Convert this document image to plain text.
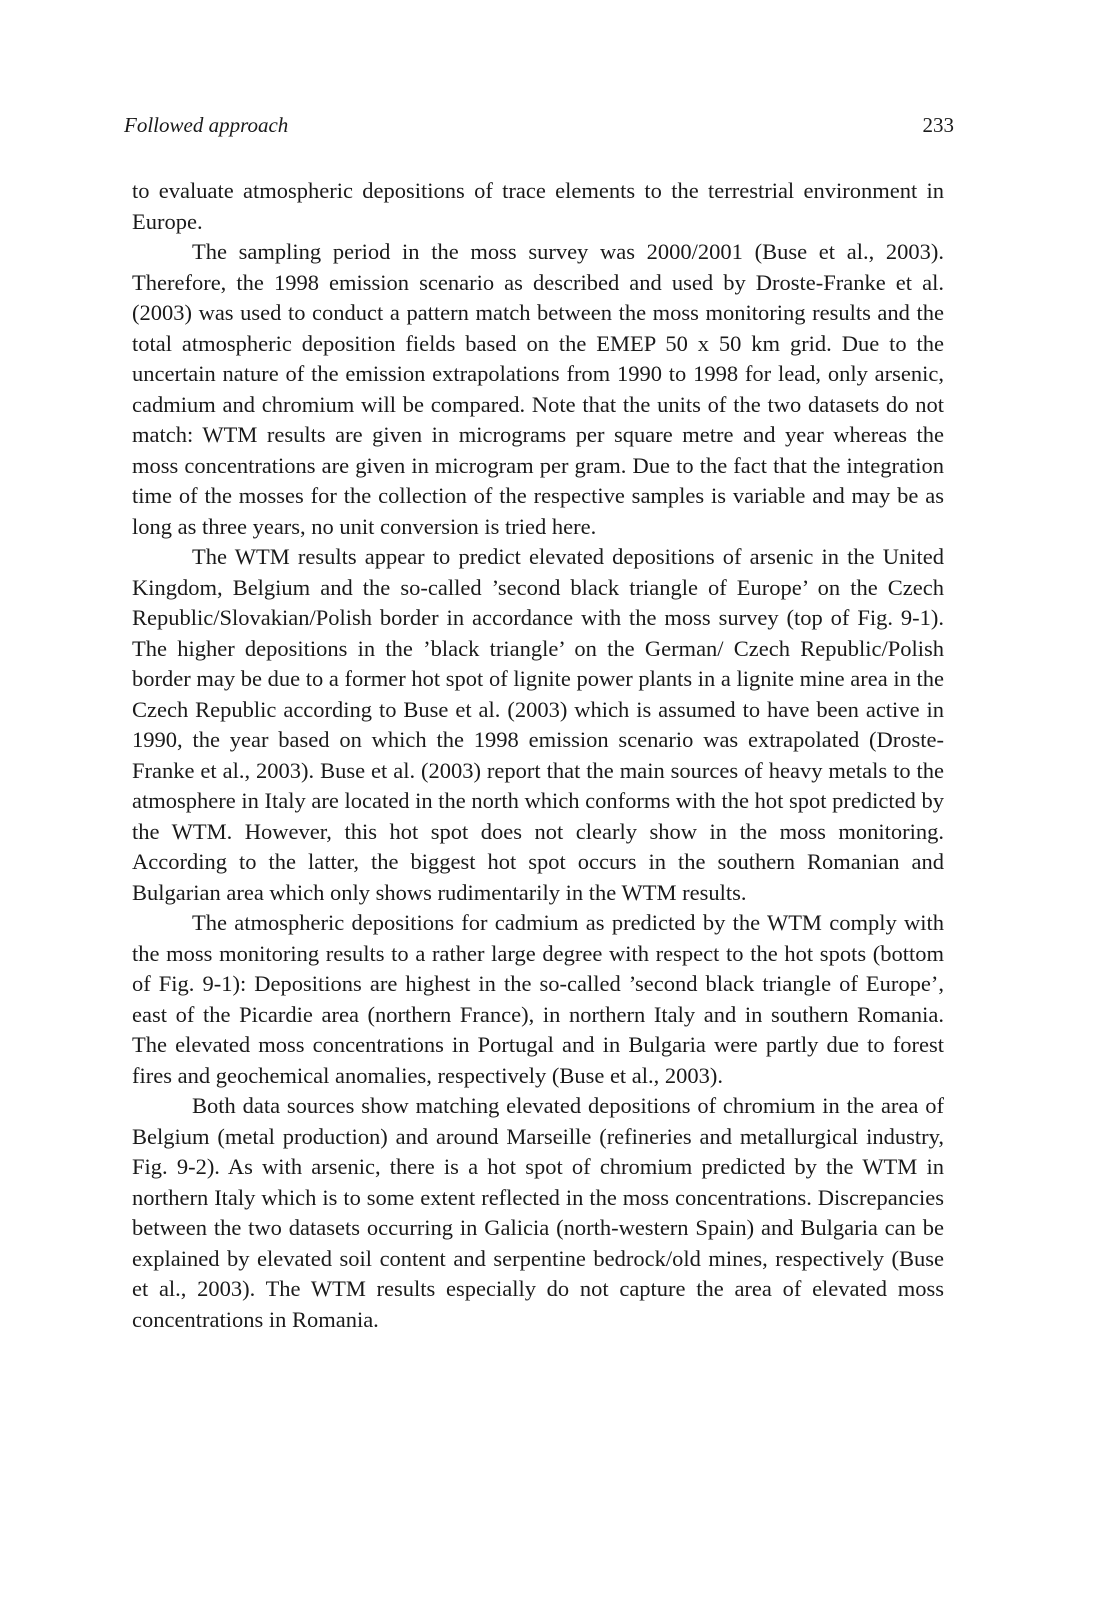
Followed approach	233

to evaluate atmospheric depositions of trace elements to the terrestrial environment in Europe.

The sampling period in the moss survey was 2000/2001 (Buse et al., 2003). Therefore, the 1998 emission scenario as described and used by Droste-Franke et al. (2003) was used to conduct a pattern match between the moss monitoring results and the total atmospheric deposition fields based on the EMEP 50 x 50 km grid. Due to the uncertain nature of the emission extrapolations from 1990 to 1998 for lead, only arsenic, cadmium and chromium will be compared. Note that the units of the two datasets do not match: WTM results are given in micrograms per square metre and year whereas the moss concentrations are given in microgram per gram. Due to the fact that the integration time of the mosses for the collection of the respective samples is variable and may be as long as three years, no unit conversion is tried here.

The WTM results appear to predict elevated depositions of arsenic in the United Kingdom, Belgium and the so-called ’second black triangle of Europe’ on the Czech Republic/Slovakian/Polish border in accordance with the moss survey (top of Fig. 9-1). The higher depositions in the ’black triangle’ on the German/ Czech Republic/Polish border may be due to a former hot spot of lignite power plants in a lignite mine area in the Czech Republic according to Buse et al. (2003) which is assumed to have been active in 1990, the year based on which the 1998 emission scenario was extrapolated (Droste-Franke et al., 2003). Buse et al. (2003) report that the main sources of heavy metals to the atmosphere in Italy are located in the north which conforms with the hot spot predicted by the WTM. However, this hot spot does not clearly show in the moss monitoring. According to the latter, the biggest hot spot occurs in the southern Romanian and Bulgarian area which only shows rudimentarily in the WTM results.

The atmospheric depositions for cadmium as predicted by the WTM comply with the moss monitoring results to a rather large degree with respect to the hot spots (bottom of Fig. 9-1): Depositions are highest in the so-called ’second black triangle of Europe’, east of the Picardie area (northern France), in northern Italy and in southern Romania. The elevated moss concentrations in Portugal and in Bulgaria were partly due to forest fires and geochemical anomalies, respectively (Buse et al., 2003).

Both data sources show matching elevated depositions of chromium in the area of Belgium (metal production) and around Marseille (refineries and metallurgical industry, Fig. 9-2). As with arsenic, there is a hot spot of chromium predicted by the WTM in northern Italy which is to some extent reflected in the moss concentrations. Discrepancies between the two datasets occurring in Galicia (north-western Spain) and Bulgaria can be explained by elevated soil content and serpentine bedrock/old mines, respectively (Buse et al., 2003). The WTM results especially do not capture the area of elevated moss concentrations in Romania.
